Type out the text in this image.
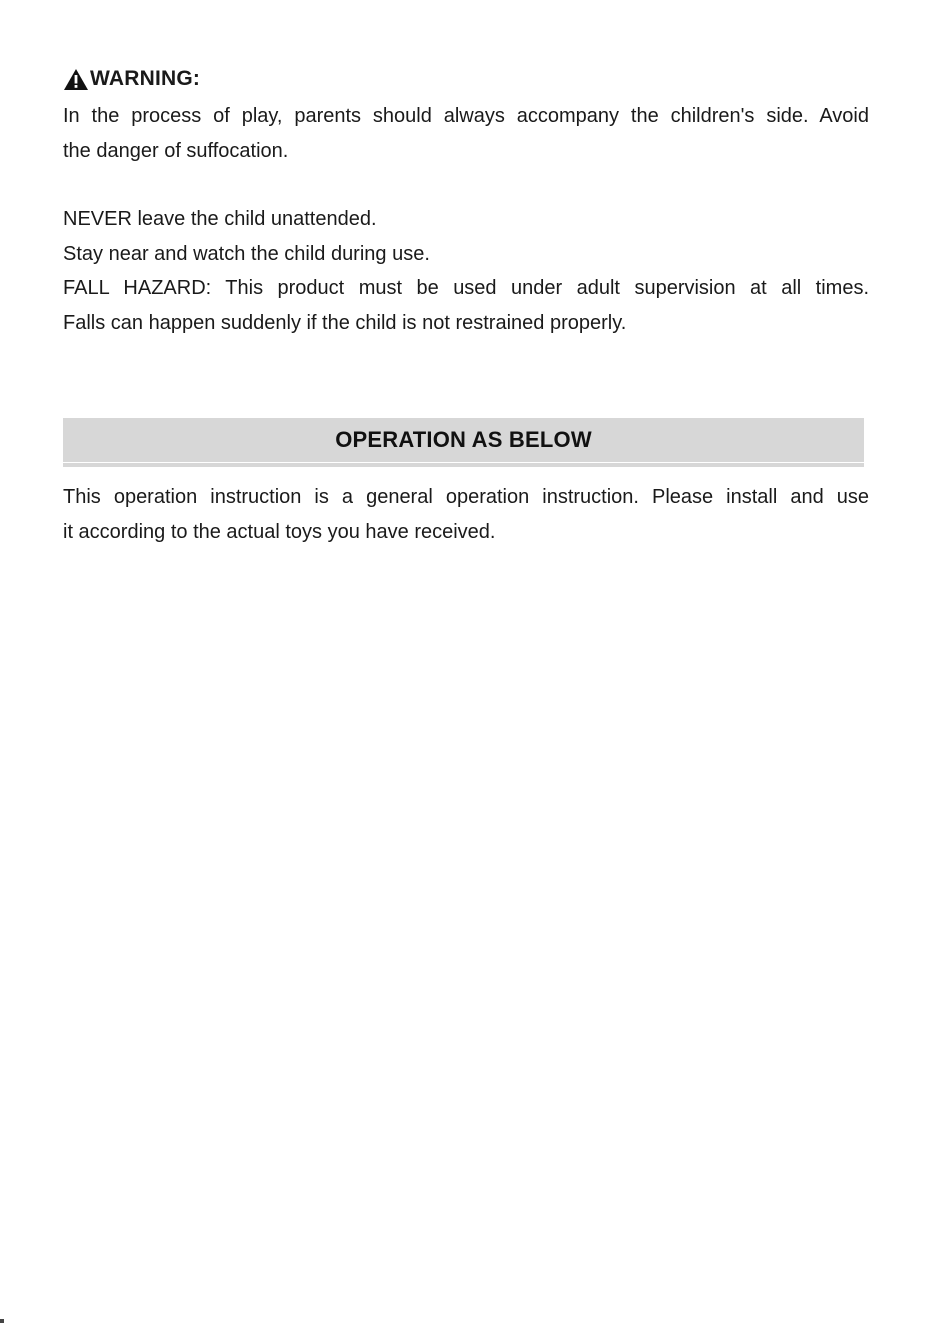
WARNING:

In the process of play, parents should always accompany the children's side. Avoid
the danger of suffocation.

NEVER leave the child unattended.
Stay near and watch the child during use.
FALL HAZARD: This product must be used under adult supervision at all times.
Falls can happen suddenly if the child is not restrained properly.

OPERATION AS BELOW

This operation instruction is a general operation instruction. Please install and use
it according to the actual toys you have received.
